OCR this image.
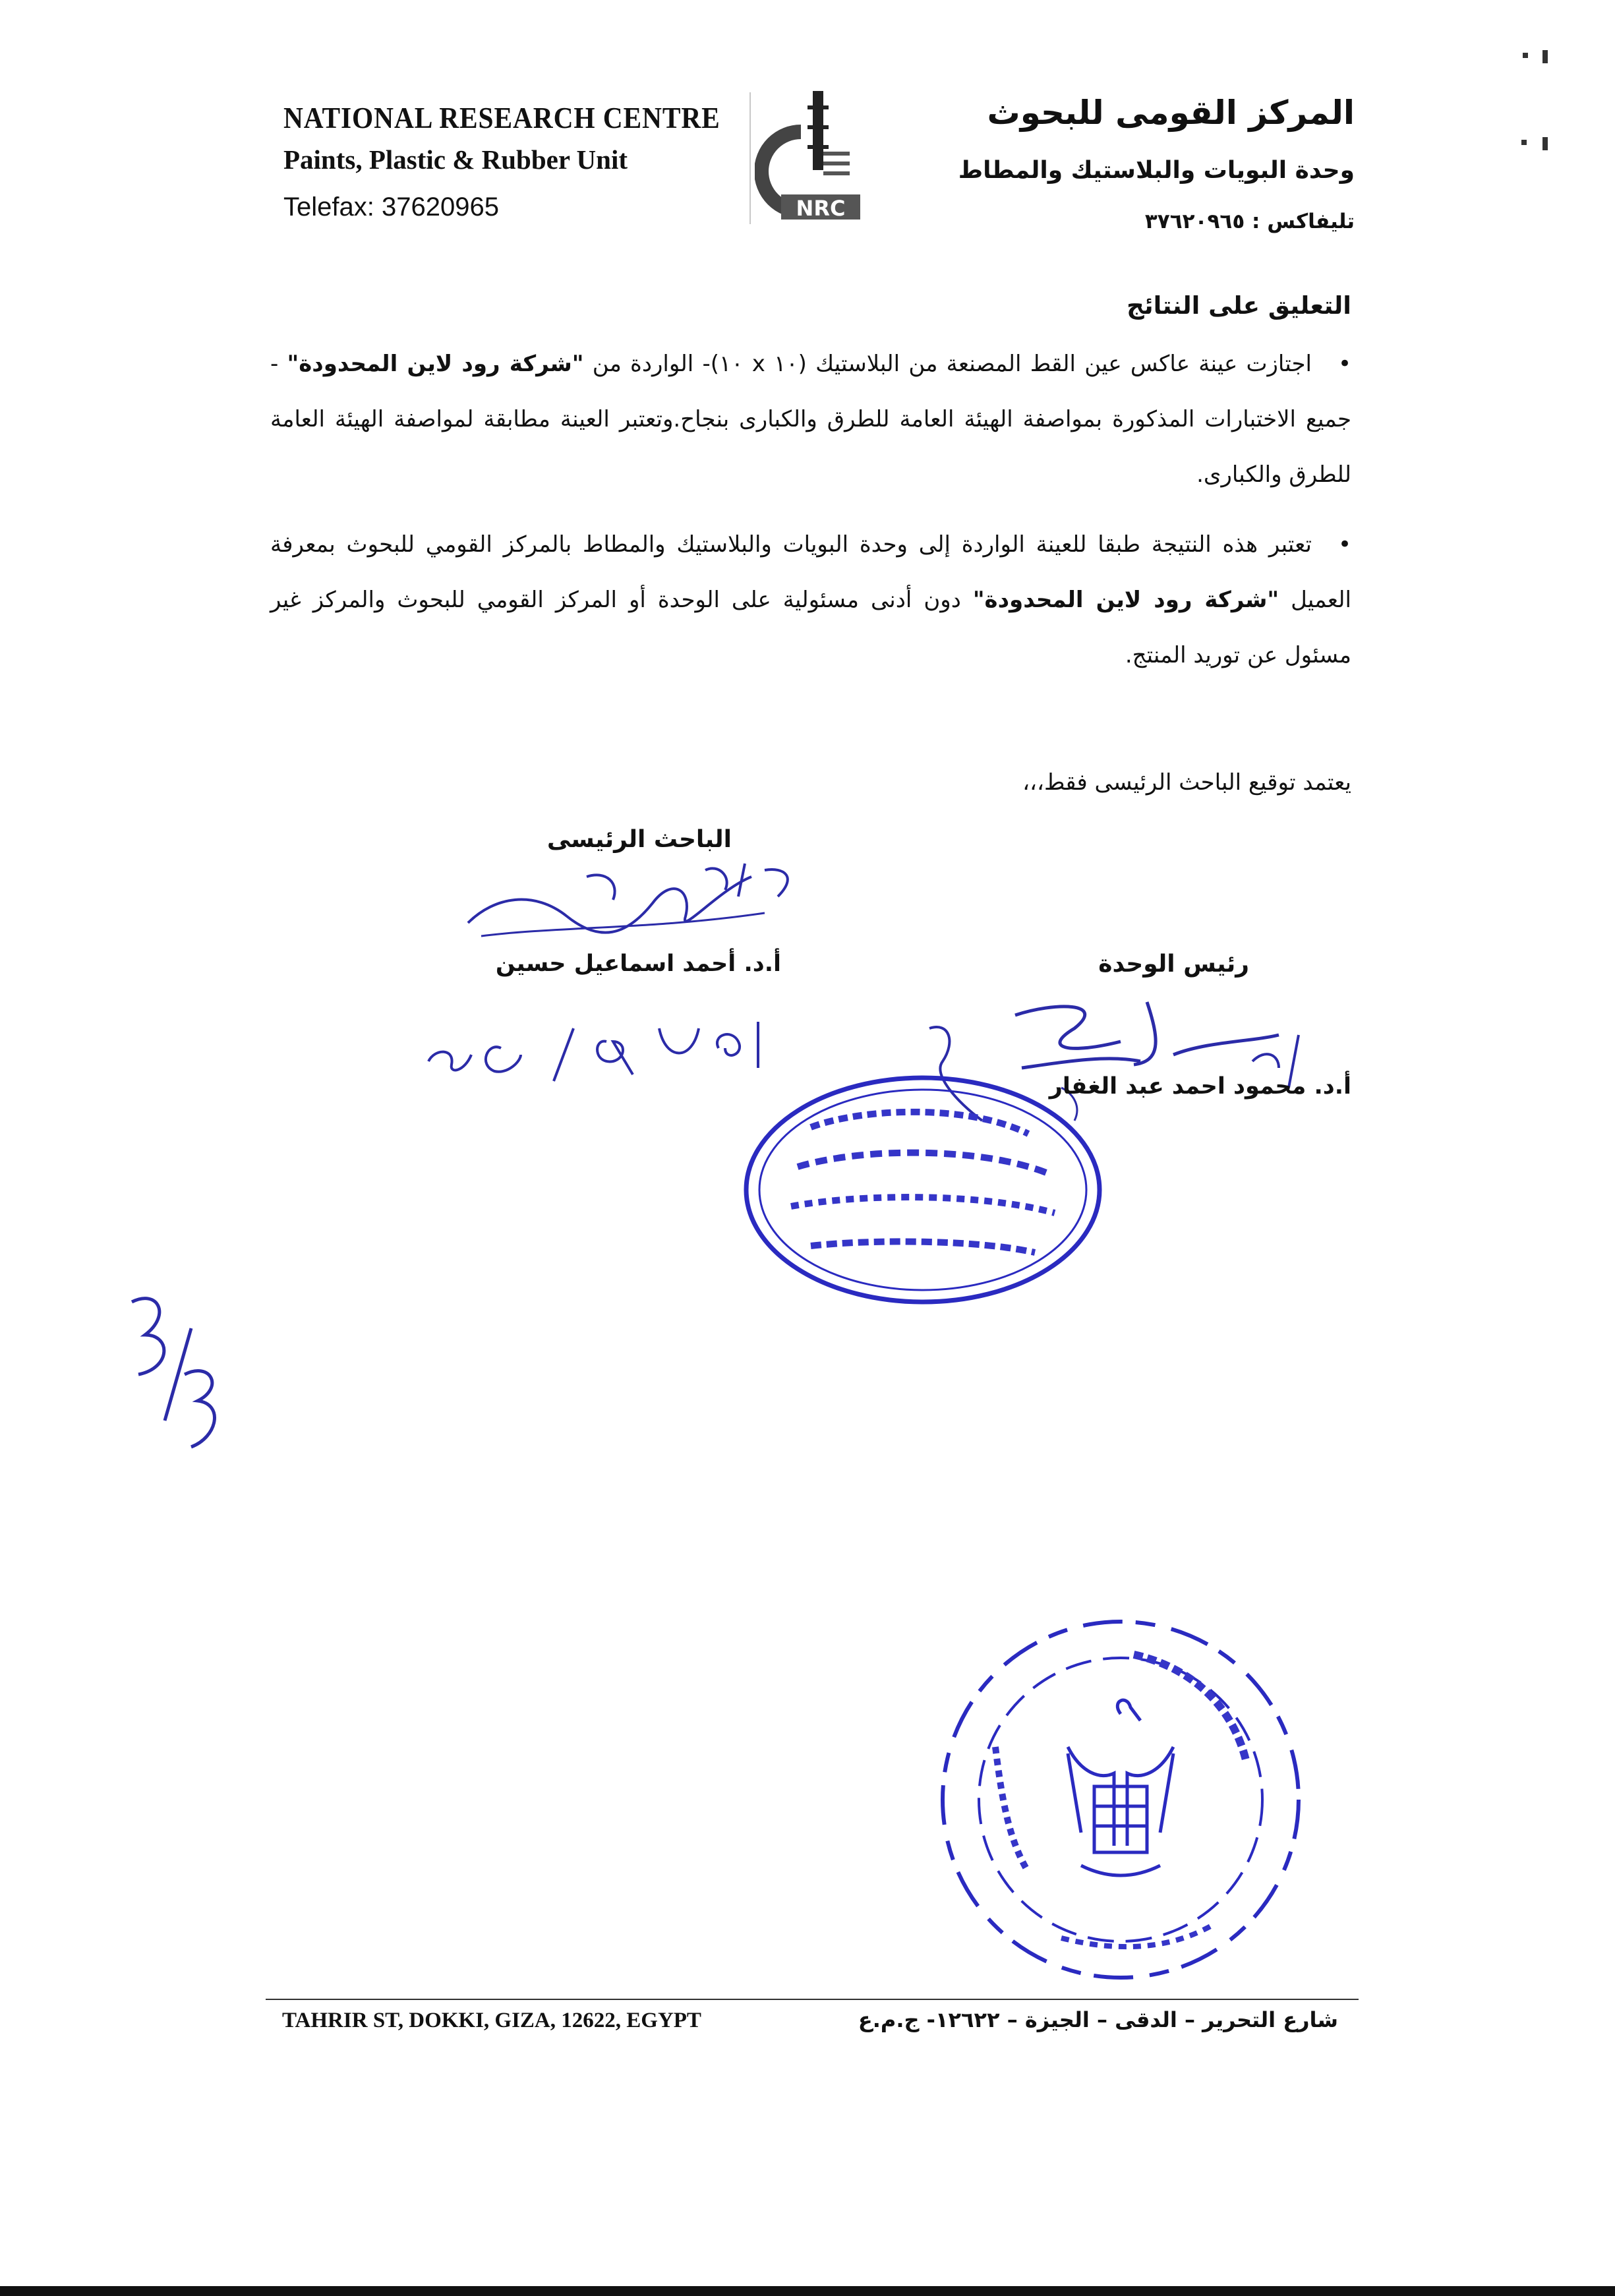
NATIONAL RESEARCH CENTRE
Paints, Plastic & Rubber Unit
Telefax: 37620965	NRC
المركز القومى للبحوث
وحدة البويات والبلاستيك والمطاط
تليفاكس : ٣٧٦٢٠٩٦٥
التعليق على النتائج
•اجتازت عينة عاكس عين القط المصنعة من البلاستيك (١٠ x ١٠)- الواردة من "شركة رود لاين المحدودة" - جميع الاختبارات المذكورة بمواصفة الهيئة العامة للطرق والكبارى بنجاح.وتعتبر العينة مطابقة لمواصفة الهيئة العامة للطرق والكبارى.
•تعتبر هذه النتيجة طبقا للعينة الواردة إلى وحدة البويات والبلاستيك والمطاط بالمركز القومي للبحوث بمعرفة العميل "شركة رود لاين المحدودة" دون أدنى مسئولية على الوحدة أو المركز القومي للبحوث والمركز غير مسئول عن توريد المنتج.
يعتمد توقيع الباحث الرئيسى فقط،،،
الباحث الرئيسى
أ.د. أحمد اسماعيل حسين	رئيس الوحدة
أ.د. محمود احمد عبد الغفار
TAHRIR ST, DOKKI, GIZA, 12622, EGYPT	شارع التحرير – الدقى – الجيزة – ١٢٦٢٢- ج.م.ع
